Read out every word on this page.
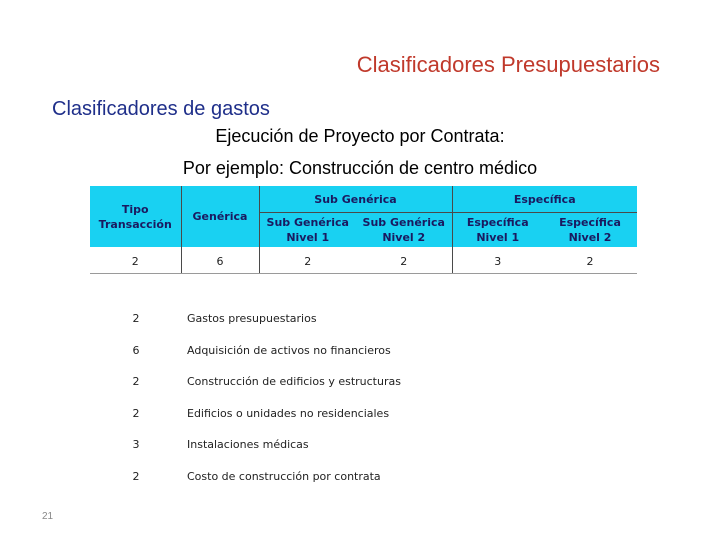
Clasificadores Presupuestarios
Clasificadores de gastos
Ejecución de Proyecto por Contrata:
Por ejemplo: Construcción de centro médico
Tipo Transacción	Genérica	Sub Genérica		Específica	
		Sub Genérica Nivel 1	Sub Genérica Nivel 2	Específica Nivel 1	Específica Nivel 2
2	6	2	2	3	2
2	Gastos presupuestarios
6	Adquisición de activos no financieros
2	Construcción de edificios y estructuras
2	Edificios o unidades no residenciales
3	Instalaciones médicas
2	Costo de construcción por contrata
21
